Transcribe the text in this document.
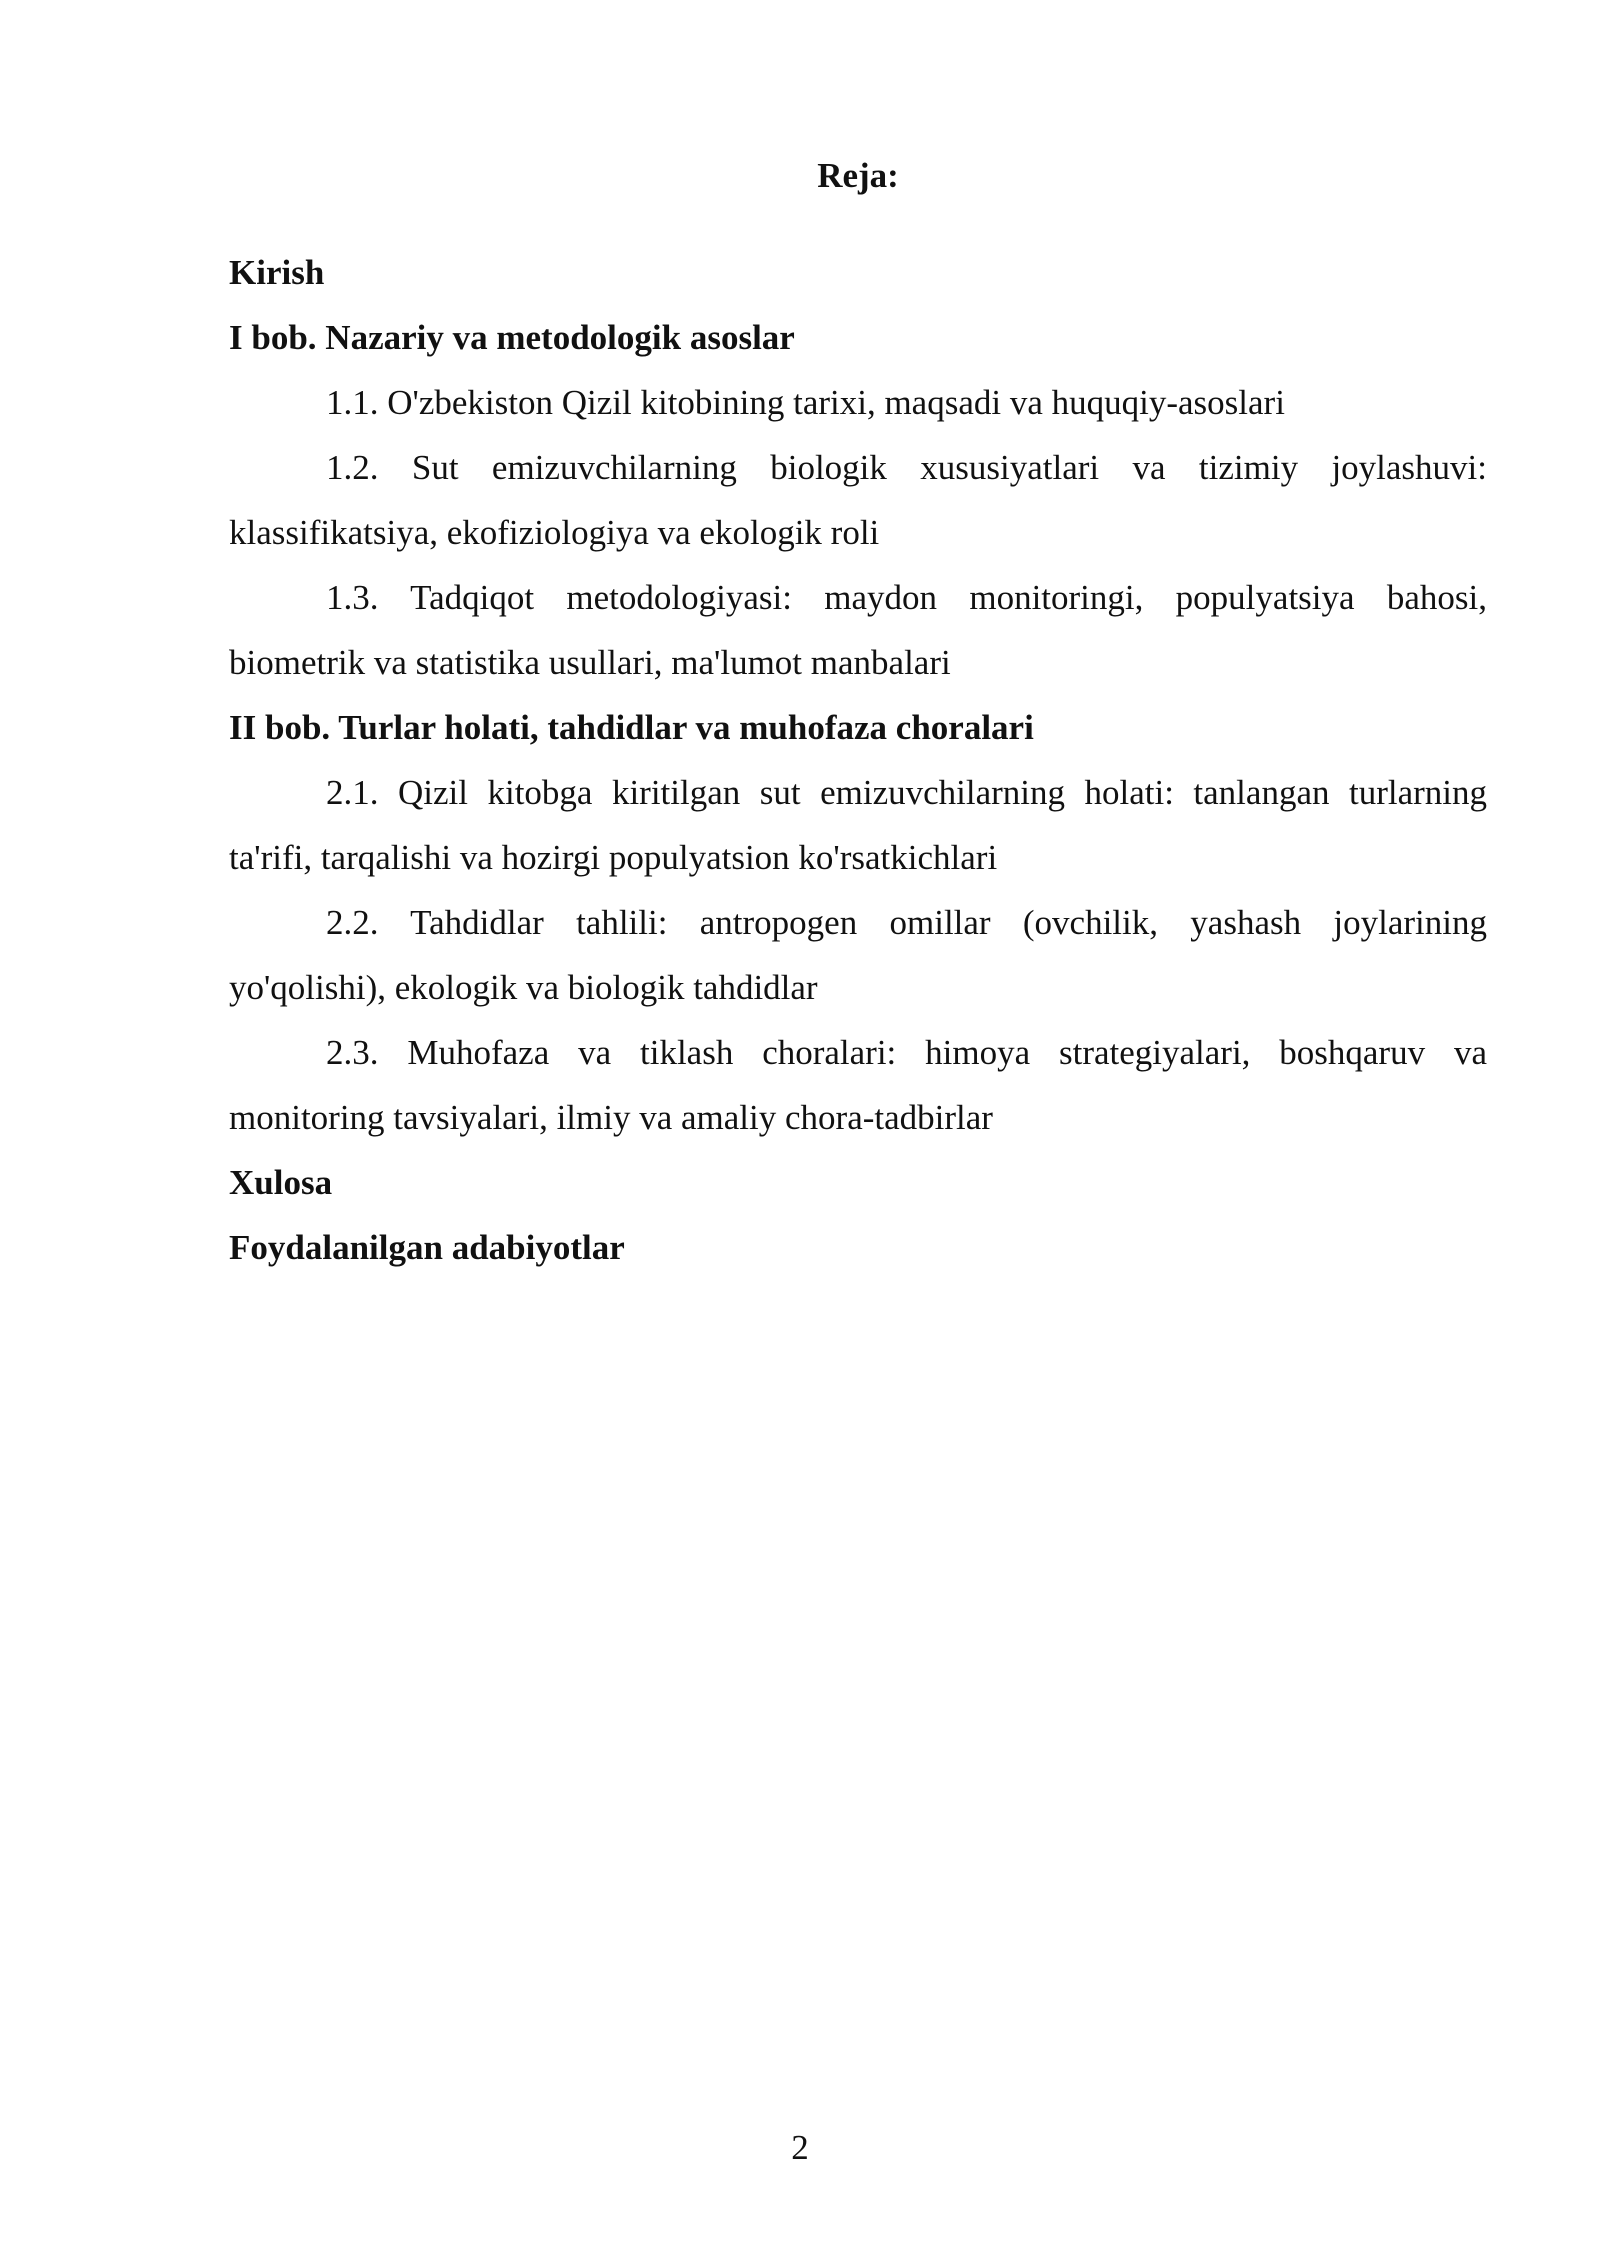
Reja:

Kirish

I bob. Nazariy va metodologik asoslar

1.1. O'zbekiston Qizil kitobining tarixi, maqsadi va huquqiy-asoslari

1.2. Sut emizuvchilarning biologik xususiyatlari va tizimiy joylashuvi: klassifikatsiya, ekofiziologiya va ekologik roli

1.3. Tadqiqot metodologiyasi: maydon monitoringi, populyatsiya bahosi, biometrik va statistika usullari, ma'lumot manbalari

II bob. Turlar holati, tahdidlar va muhofaza choralari

2.1. Qizil kitobga kiritilgan sut emizuvchilarning holati: tanlangan turlarning ta'rifi, tarqalishi va hozirgi populyatsion ko'rsatkichlari

2.2. Tahdidlar tahlili: antropogen omillar (ovchilik, yashash joylarining yo'qolishi), ekologik va biologik tahdidlar

2.3. Muhofaza va tiklash choralari: himoya strategiyalari, boshqaruv va monitoring tavsiyalari, ilmiy va amaliy chora-tadbirlar

Xulosa

Foydalanilgan adabiyotlar

2
